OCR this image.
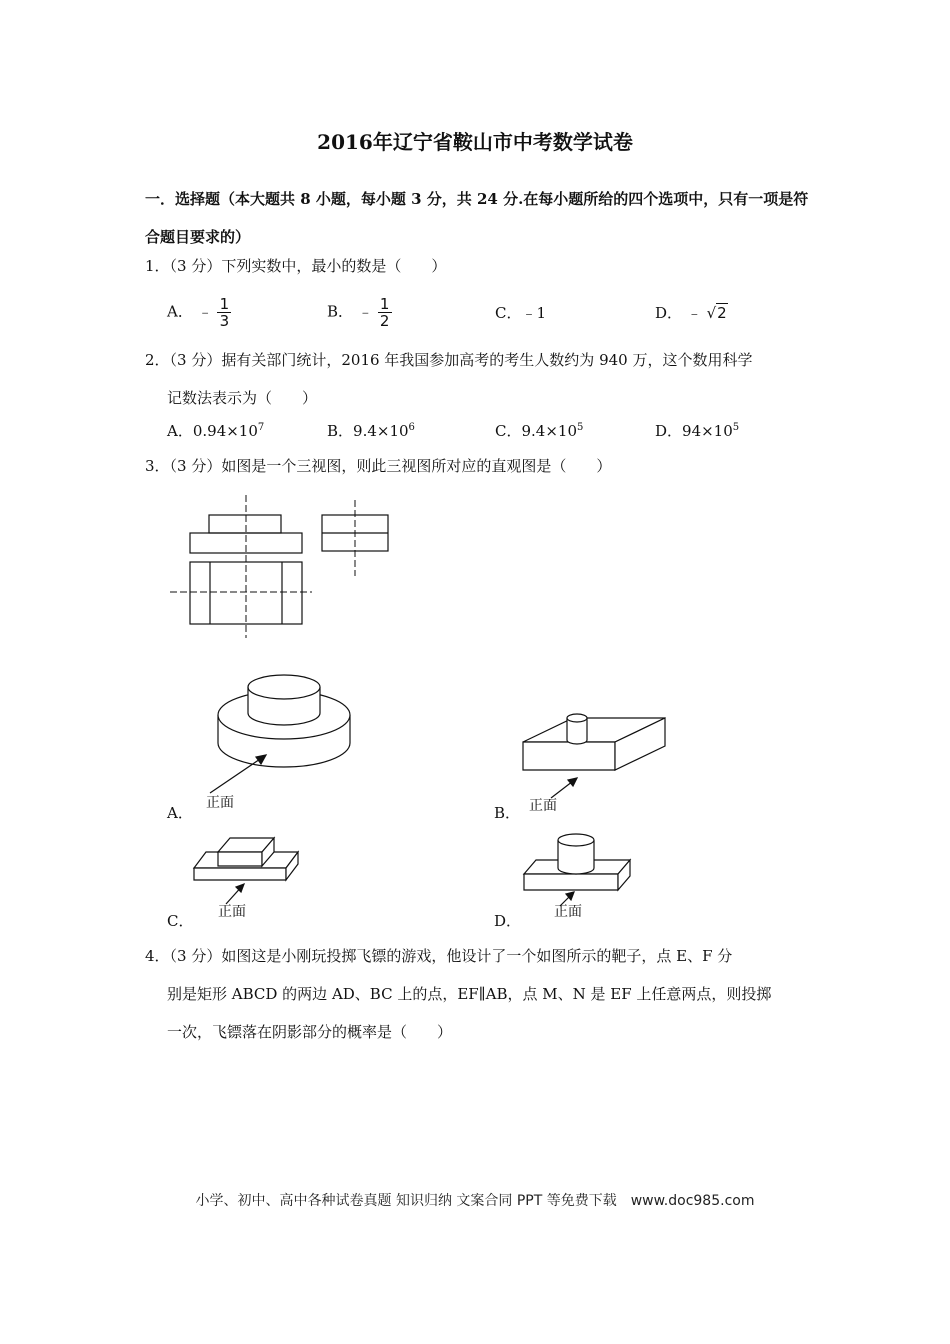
2016年辽宁省鞍山市中考数学试卷
一．选择题（本大题共 8 小题，每小题 3 分，共 24 分.在每小题所给的四个选项中，只有一项是符合题目要求的）
1．（3 分）下列实数中，最小的数是（　　）
A． ﹣ $\frac{1}{3}$	B． ﹣ $\frac{1}{2}$	C．﹣1	D． ﹣ √2
2．（3 分）据有关部门统计，2016 年我国参加高考的考生人数约为 940 万，这个数用科学
记数法表示为（　　）
A．$0.94\times 10^7$	B．$9.4\times 10^6$	C．$9.4\times 10^5$	D．$94\times 10^5$
3．（3 分）如图是一个三视图，则此三视图所对应的直观图是（　　）
正面
A．	正面
B．
正面
C．	正面
D．
4．（3 分）如图这是小刚玩投掷飞镖的游戏，他设计了一个如图所示的靶子，点 E、F 分
别是矩形 ABCD 的两边 AD、BC 上的点，EF∥AB，点 M、N 是 EF 上任意两点，则投掷
一次，飞镖落在阴影部分的概率是（　　）
小学、初中、高中各种试卷真题 知识归纳 文案合同 PPT 等免费下载　www.doc985.com
